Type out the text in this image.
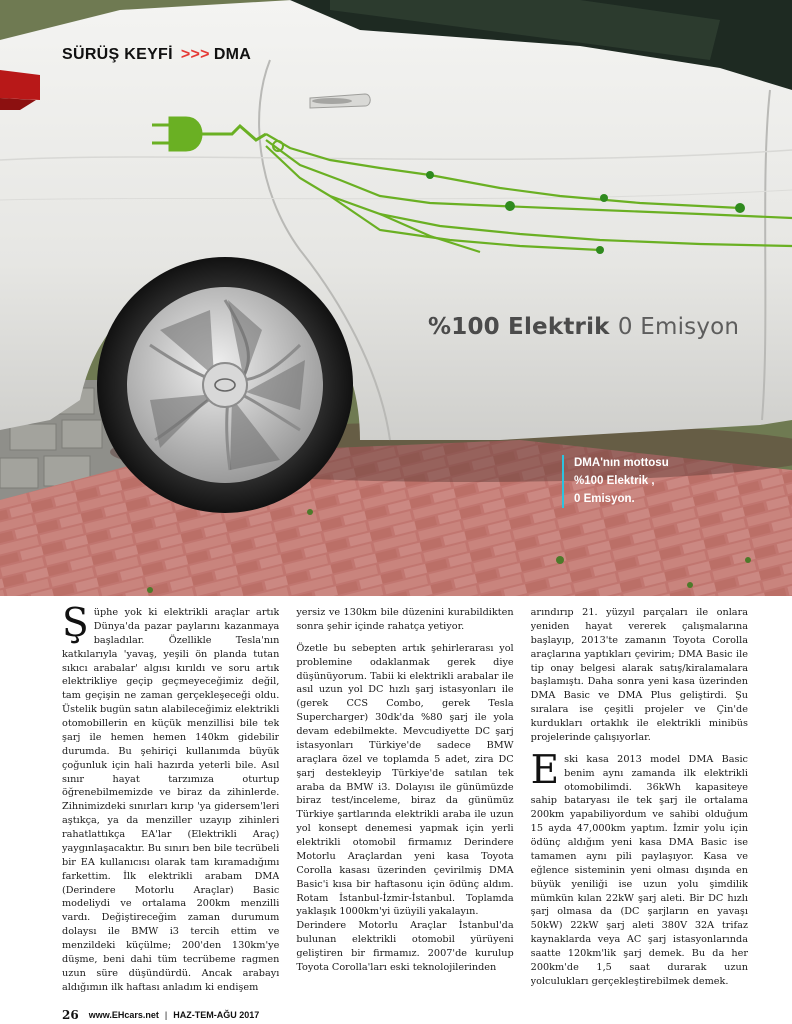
SÜRÜŞ KEYFİ >>> DMA
%100 Elektrik 0 Emisyon
DMA'nın mottosu
%100 Elektrik ,
0 Emisyon.

Şüphe yok ki elektrikli araçlar artık Dünya'da pazar paylarını kazanmaya başladılar. Özellikle Tesla'nın katkılarıyla 'yavaş, yeşili ön planda tutan sıkıcı arabalar' algısı kırıldı ve soru artık elektrikliye geçip geçmeyeceğimiz değil, tam geçişin ne zaman gerçekleşeceği oldu. Üstelik bugün satın alabileceğimiz elektrikli otomobillerin en küçük menzillisi bile tek şarj ile hemen hemen 140km gidebilir durumda. Bu şehiriçi kullanımda büyük çoğunluk için hali hazırda yeterli bile. Asıl sınır hayat tarzımıza oturtup öğrenebilmemizde ve biraz da zihinlerde. Zihnimizdeki sınırları kırıp 'ya gidersem'leri aştıkça, ya da menziller uzayıp zihinleri rahatlattıkça EA'lar (Elektrikli Araç) yaygınlaşacaktır. Bu sınırı ben bile tecrübeli bir EA kullanıcısı olarak tam kıramadığımı farkettim. İlk elektrikli arabam DMA (Derindere Motorlu Araçlar) Basic modeliydi ve ortalama 200km menzilli vardı. Değiştireceğim zaman durumum dolaysı ile BMW i3 tercih ettim ve menzildeki küçülme; 200'den 130km'ye düşme, beni dahi tüm tecrübeme ragmen uzun süre düşündürdü. Ancak arabayı aldığımın ilk haftası anladım ki endişem

yersiz ve 130km bile düzenini kurabildikten sonra şehir içinde rahatça yetiyor.

Özetle bu sebepten artık şehirlerarası yol problemine odaklanmak gerek diye düşünüyorum. Tabii ki elektrikli arabalar ile asıl uzun yol DC hızlı şarj istasyonları ile (gerek CCS Combo, gerek Tesla Supercharger) 30dk'da %80 şarj ile yola devam edebilmekte. Mevcudiyette DC şarj istasyonları Türkiye'de sadece BMW araçlara özel ve toplamda 5 adet, zira DC şarj destekleyip Türkiye'de satılan tek araba da BMW i3. Dolayısı ile günümüzde biraz test/inceleme, biraz da günümüz Türkiye şartlarında elektrikli araba ile uzun yol konsept denemesi yapmak için yerli elektrikli otomobil firmamız Derindere Motorlu Araçlardan yeni kasa Toyota Corolla kasası üzerinden çevirilmiş DMA Basic'i kısa bir haftasonu için ödünç aldım. Rotam İstanbul-İzmir-İstanbul. Toplamda yaklaşık 1000km'yi üzüyili yakalayın.

Derindere Motorlu Araçlar İstanbul'da bulunan elektrikli otomobil yürüyeni geliştiren bir firmamız. 2007'de kurulup Toyota Corolla'ları eski teknolojilerinden

arındırıp 21. yüzyıl parçaları ile onlara yeniden hayat vererek çalışmalarına başlayıp, 2013'te zamanın Toyota Corolla araçlarına yaptıkları çevirim; DMA Basic ile tip onay belgesi alarak satış/kiralamalara başlamıştı. Daha sonra yeni kasa üzerinden DMA Basic ve DMA Plus geliştirdi. Şu sıralara ise çeşitli projeler ve Çin'de kurdukları ortaklık ile elektrikli minibüs projelerinde çalışıyorlar.

Eski kasa 2013 model DMA Basic benim aynı zamanda ilk elektrikli otomobilimdi. 36kWh kapasiteye sahip bataryası ile tek şarj ile ortalama 200km yapabiliyordum ve sahibi olduğum 15 ayda 47,000km yaptım. İzmir yolu için ödünç aldığım yeni kasa DMA Basic ise tamamen aynı pili paylaşıyor. Kasa ve eğlence sisteminin yeni olması dışında en büyük yeniliği ise uzun yolu şimdilik mümkün kılan 22kW şarj aleti. Bir DC hızlı şarj olmasa da (DC şarjların en yavaşı 50kW) 22kW şarj aleti 380V 32A trifaz kaynaklarda veya AC şarj istasyonlarında saatte 120km'lik şarj demek. Bu da her 200km'de 1,5 saat durarak uzun yolculukları gerçekleştirebilmek demek.

26 www.EHcars.net | HAZ-TEM-AĞU 2017
